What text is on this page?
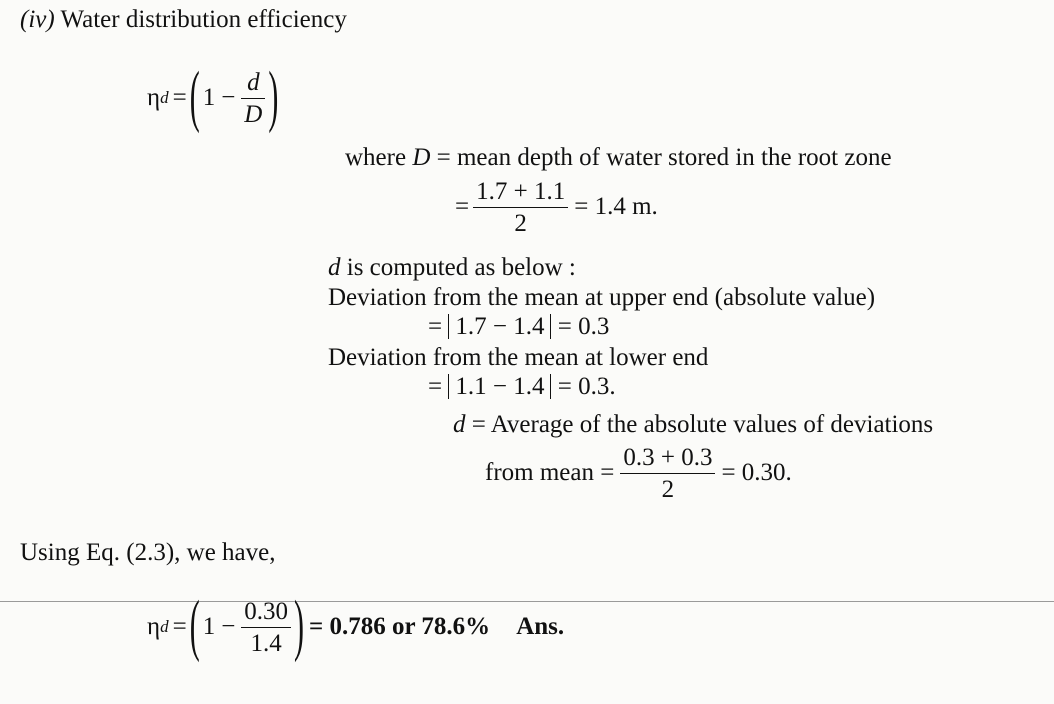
(iv) Water distribution efficiency
η d = ( $1 - \frac{d}{D}$ )
where D = mean depth of water stored in the root zone
= $\frac{1.7 + 1.1}{2} = 1.4$ m.
d is computed as below :
Deviation from the mean at upper end (absolute value)
= 1.7 − 1.4 = 0.3
Deviation from the mean at lower end
= 1.1 − 1.4 = 0.3.
d = Average of the absolute values of deviations
from mean = $\frac{0.3 + 0.3}{2} = 0.30$.
Using Eq. (2.3), we have,
η d = ( $1 - \frac{0.30}{1.4}$ ) = 0.786 or 78.6% Ans.
